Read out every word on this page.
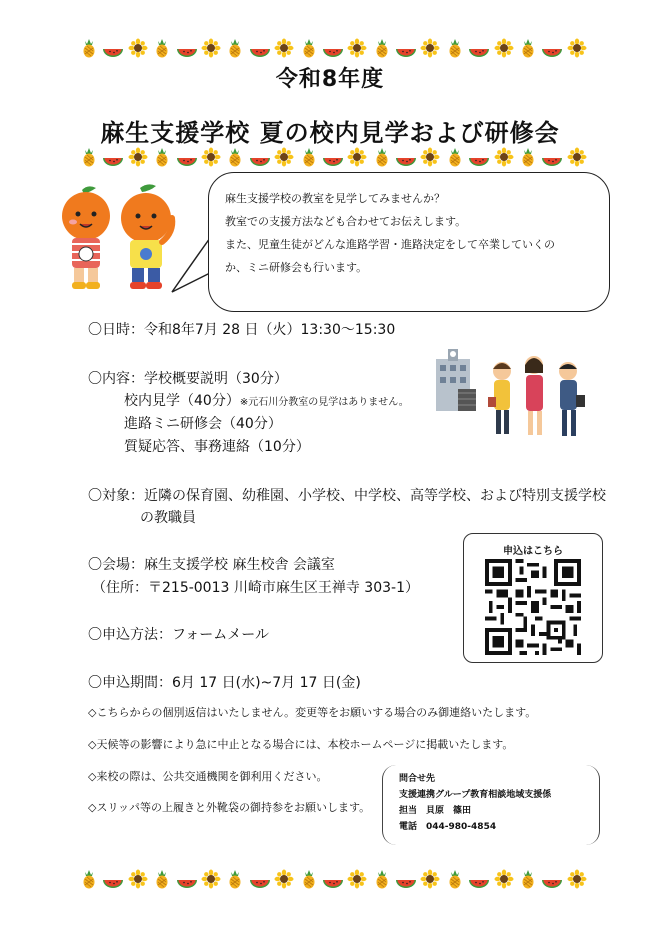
令和8年度
麻生支援学校 夏の校内見学および研修会

麻生支援学校の教室を見学してみませんか？

教室での支援方法なども合わせてお伝えします。

また、児童生徒がどんな進路学習・進路決定をして卒業していくの

か、ミニ研修会も行います。

〇日時：令和8年7月 28 日（火）13:30～15:30
〇内容：学校概要説明（30分）
校内見学（40分）※元石川分教室の見学はありません。
進路ミニ研修会（40分）
質疑応答、事務連絡（10分）
〇対象：近隣の保育園、幼稚園、小学校、中学校、高等学校、および特別支援学校
の教職員
〇会場：麻生支援学校 麻生校舎 会議室
（住所：〒215-0013 川崎市麻生区王禅寺 303-1）
〇申込方法：フォームメール
〇申込期間：6月 17 日(水)~7月 17 日(金)
申込はこちら
◇こちらからの個別返信はいたしません。変更等をお願いする場合のみ御連絡いたします。
◇天候等の影響により急に中止となる場合には、本校ホームページに掲載いたします。
◇来校の際は、公共交通機関を御利用ください。
◇スリッパ等の上履きと外靴袋の御持参をお願いします。
問合せ先
支援連携グループ教育相談地域支援係
担当　貝原　篠田
電話　044-980-4854
